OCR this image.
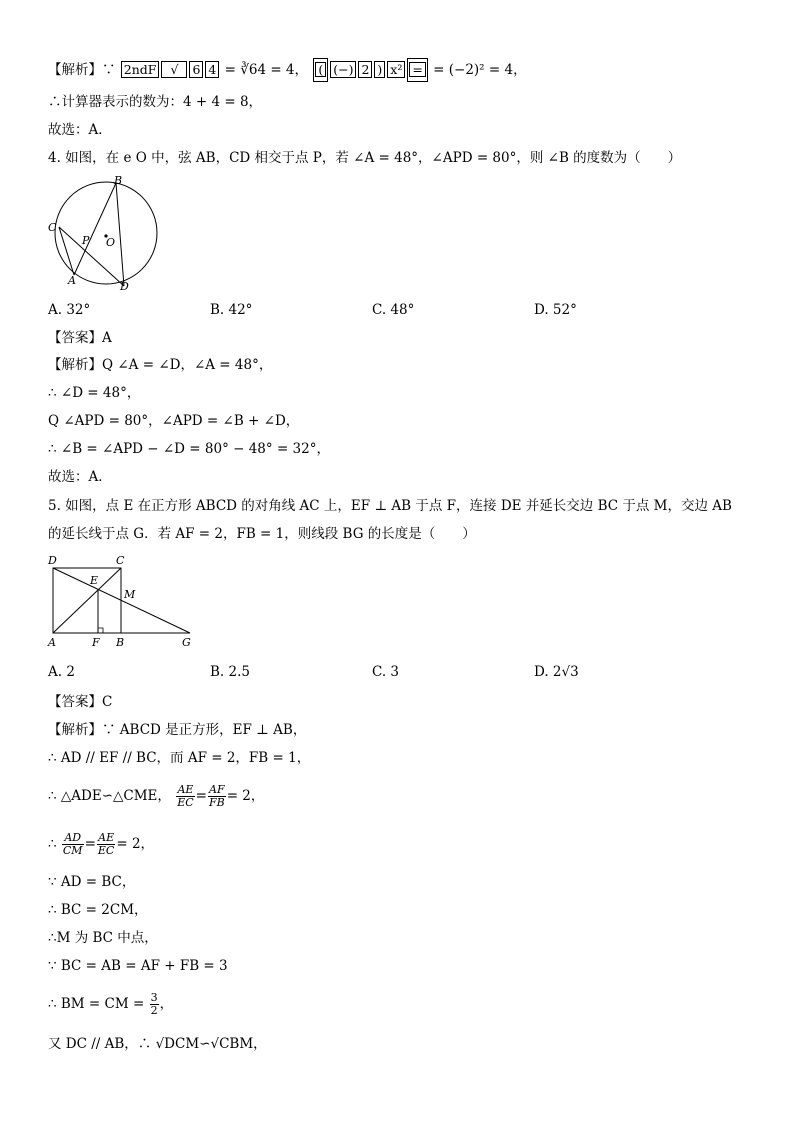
【解析】∵ 2ndF √ 6 4 = ∛64 = 4， ( (−) 2 ) x² = = (−2)² = 4，
∴计算器表示的数为：4 + 4 = 8，
故选：A．
4. 如图，在 e O 中，弦 AB，CD 相交于点 P，若 ∠A = 48°，∠APD = 80°，则 ∠B 的度数为（　　）
B
C
P O
A	D
A. 32°	B. 42°	C. 48°	D. 52°
【答案】A
【解析】Q ∠A = ∠D，∠A = 48°，
∴ ∠D = 48°，
Q ∠APD = 80°，∠APD = ∠B + ∠D，
∴ ∠B = ∠APD − ∠D = 80° − 48° = 32°，
故选：A．
5. 如图，点 E 在正方形 ABCD 的对角线 AC 上，EF ⊥ AB 于点 F，连接 DE 并延长交边 BC 于点 M，交边 AB
的延长线于点 G．若 AF = 2，FB = 1，则线段 BG 的长度是（　　）
D	C
E
M
A	F B	G
A. 2	B. 2.5	C. 3	D. 2√3
【答案】C
【解析】∵ ABCD 是正方形，EF ⊥ AB，
∴ AD // EF // BC，而 AF = 2，FB = 1，
∴ △ADE∽△CME， $\frac{AE}{EC} = \frac{AF}{FB} = 2$，
∴ $\frac{AD}{CM} = \frac{AE}{EC} = 2$，
∵ AD = BC，
∴ BC = 2CM，
∴M 为 BC 中点，
∵ BC = AB = AF + FB = 3
∴ BM = CM = $\frac{3}{2}$ ，
又 DC // AB，∴ √DCM∽√CBM，
